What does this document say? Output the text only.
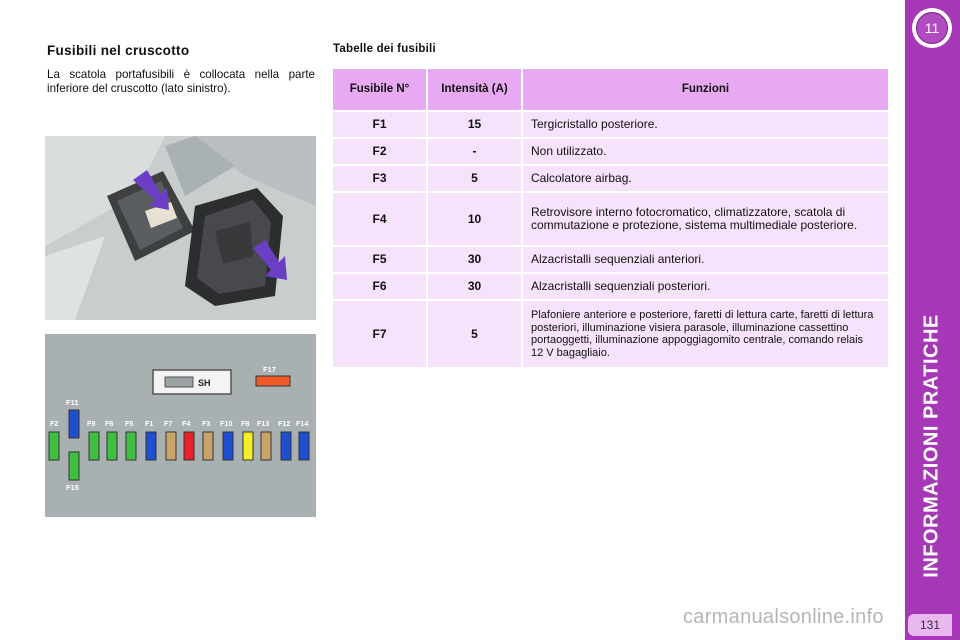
Fusibili nel cruscotto
La scatola portafusibili è collocata nella parte inferiore del cruscotto (lato sinistro).
SH
F17
F11
F15
F2	F9 F6 F5 F1 F7 F4 F3 F10 F8 F13 F12 F14
Tabelle dei fusibili
Fusibile N°	Intensità (A)	Funzioni
F1	15	Tergicristallo posteriore.
F2	-	Non utilizzato.
F3	5	Calcolatore airbag.
F4	10	Retrovisore interno fotocromatico, climatizzatore, scatola di commutazione e protezione, sistema multimediale posteriore.
F5	30	Alzacristalli sequenziali anteriori.
F6	30	Alzacristalli sequenziali posteriori.
F7	5	Plafoniere anteriore e posteriore, faretti di lettura carte, faretti di lettura posteriori, illuminazione visiera parasole, illuminazione cassettino portaoggetti, illuminazione appoggiagomito centrale, comando relais 12 V bagagliaio.
11
INFORMAZIONI PRATICHE
131
carmanualsonline.info
